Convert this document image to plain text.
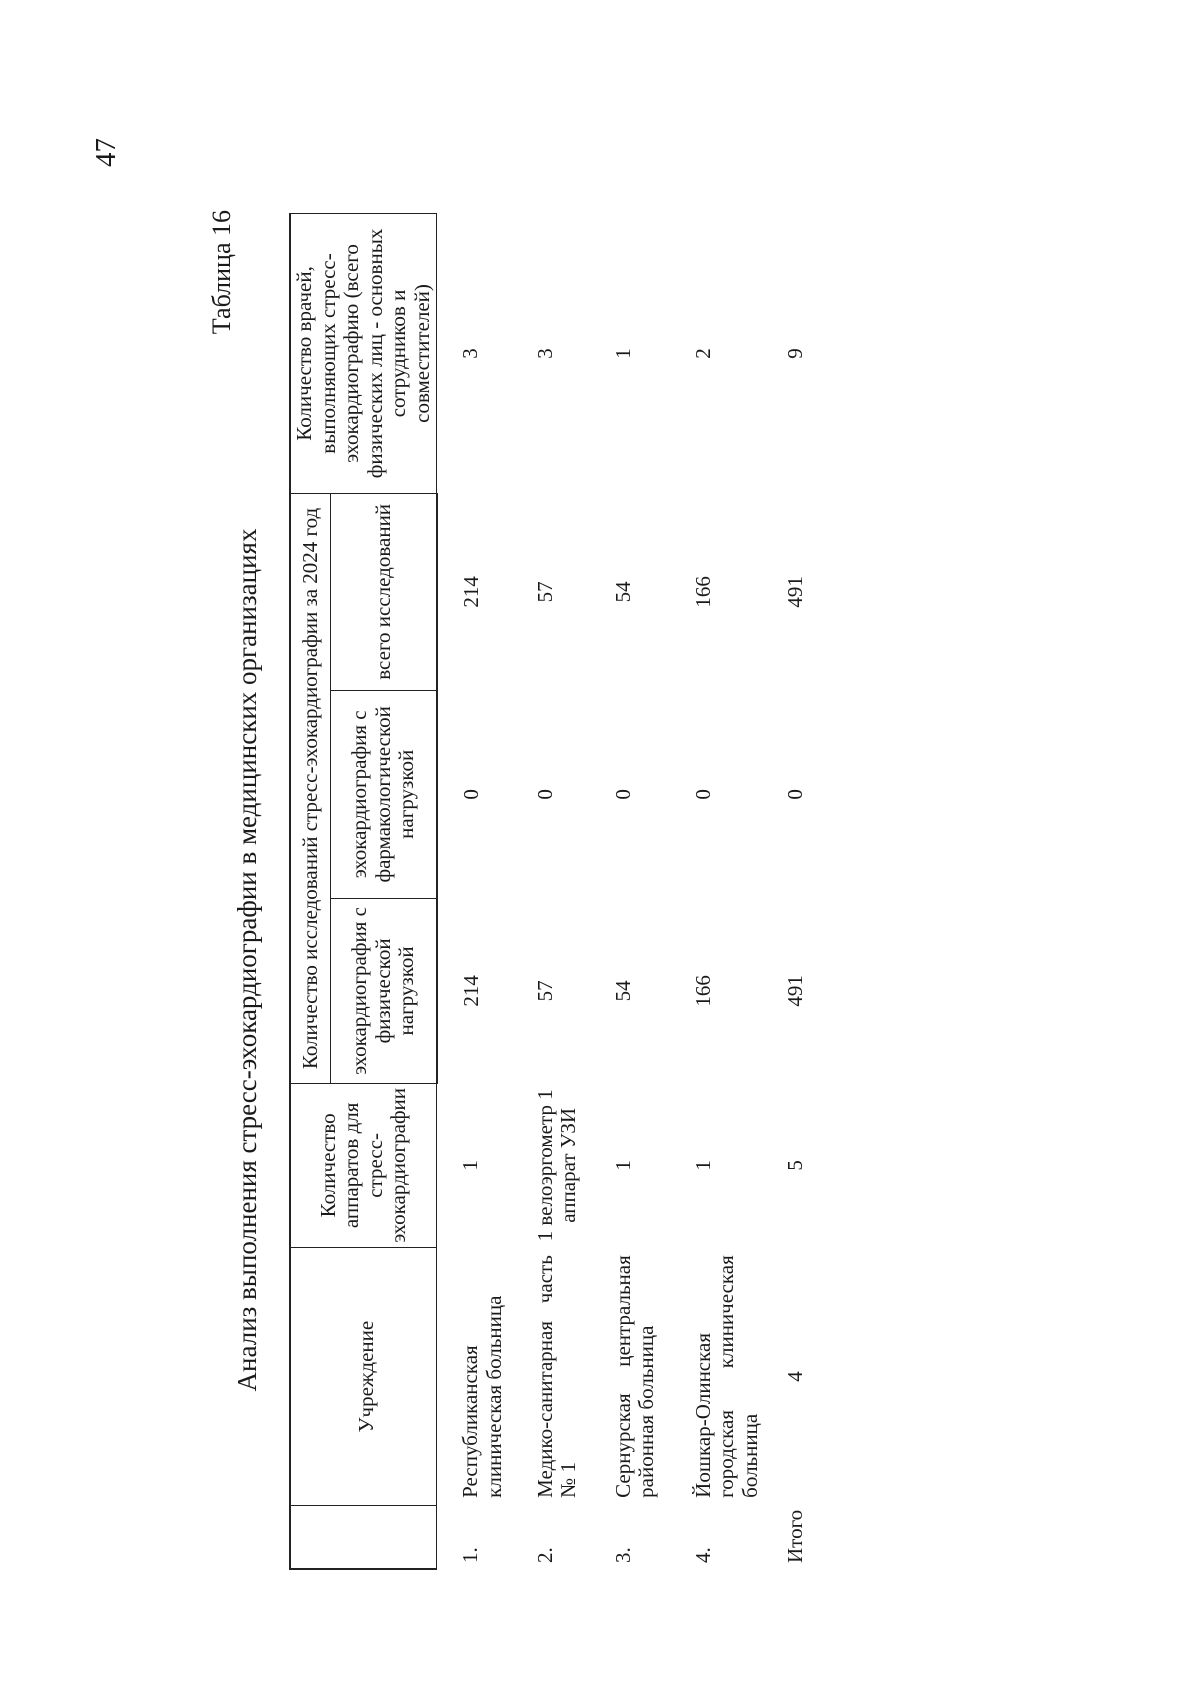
47
Таблица 16
Анализ выполнения стресс-эхокардиографии в медицинских организациях
		Учреждение	Количество аппаратов для стресс-эхокардиографии	Количество исследований стресс-эхокардиографии за 2024 год			Количество врачей, выполняющих стресс-эхокардиографию (всего физических лиц - основных сотрудников и совместителей)
			эхокардиография с физической нагрузкой	эхокардиография с фармакологической нагрузкой	всего исследований	
1.	Республиканская клиническая больница	1	214	0	214	3
2.	Медико-санитарная часть № 1	1 велоэргометр 1 аппарат УЗИ	57	0	57	3
3.	Сернурская центральная районная больница	1	54	0	54	1
4.	Йошкар-Олинская городская клиническая больница	1	166	0	166	2
Итого	4	5	491	0	491	9
